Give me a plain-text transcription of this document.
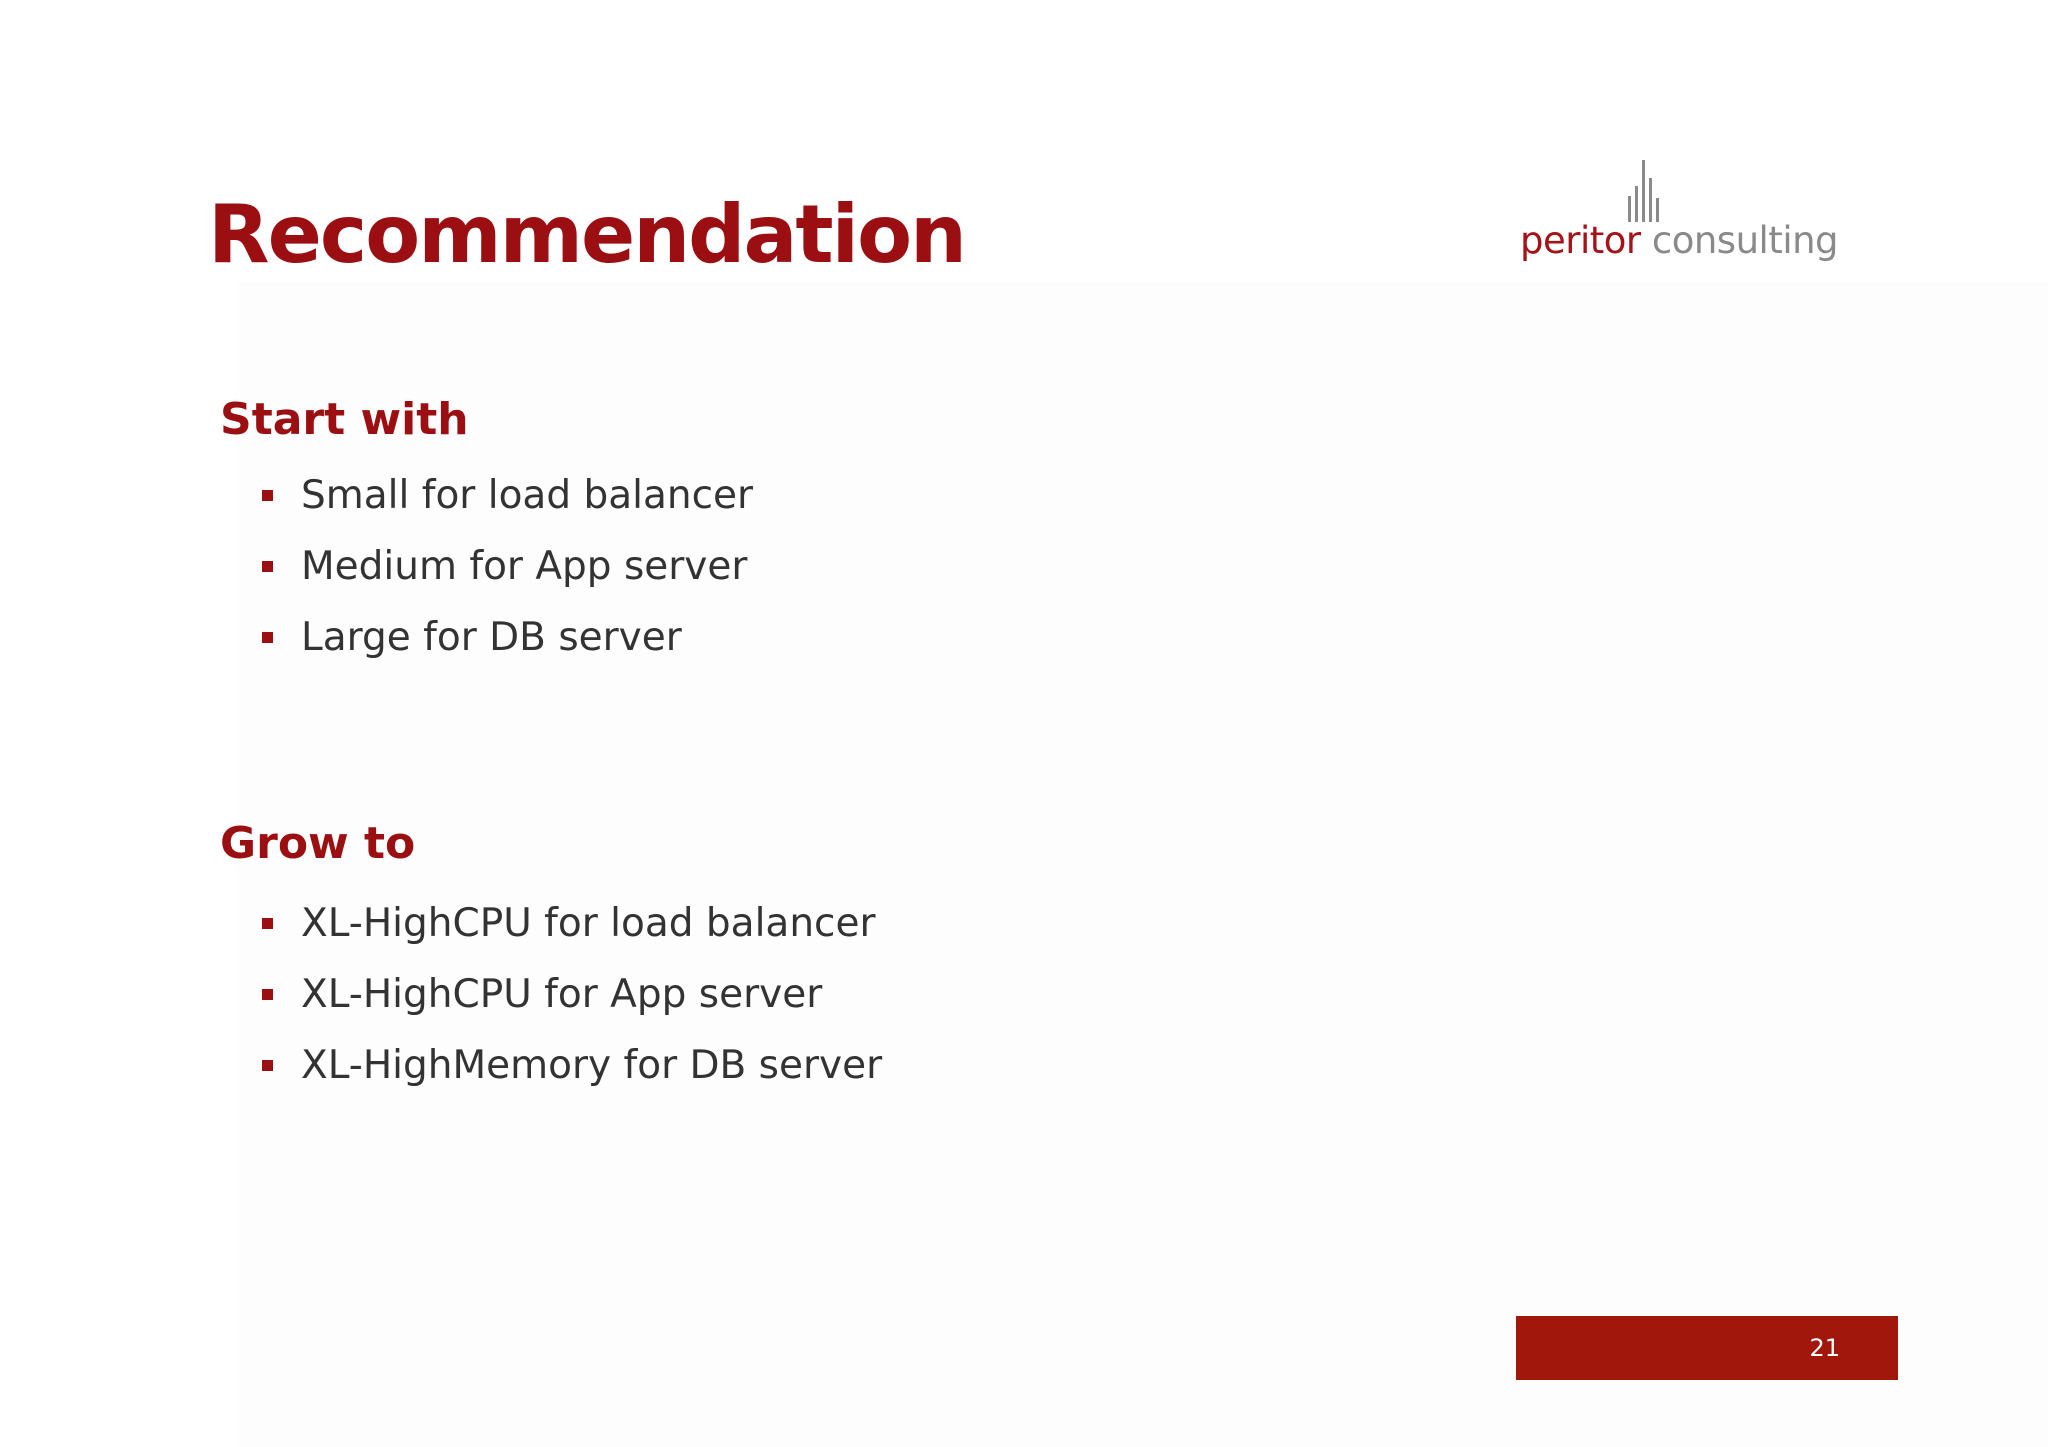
Recommendation	peritor consulting
Start with
Small for load balancer
Medium for App server
Large for DB server
Grow to
XL-HighCPU for load balancer
XL-HighCPU for App server
XL-HighMemory for DB server
21
